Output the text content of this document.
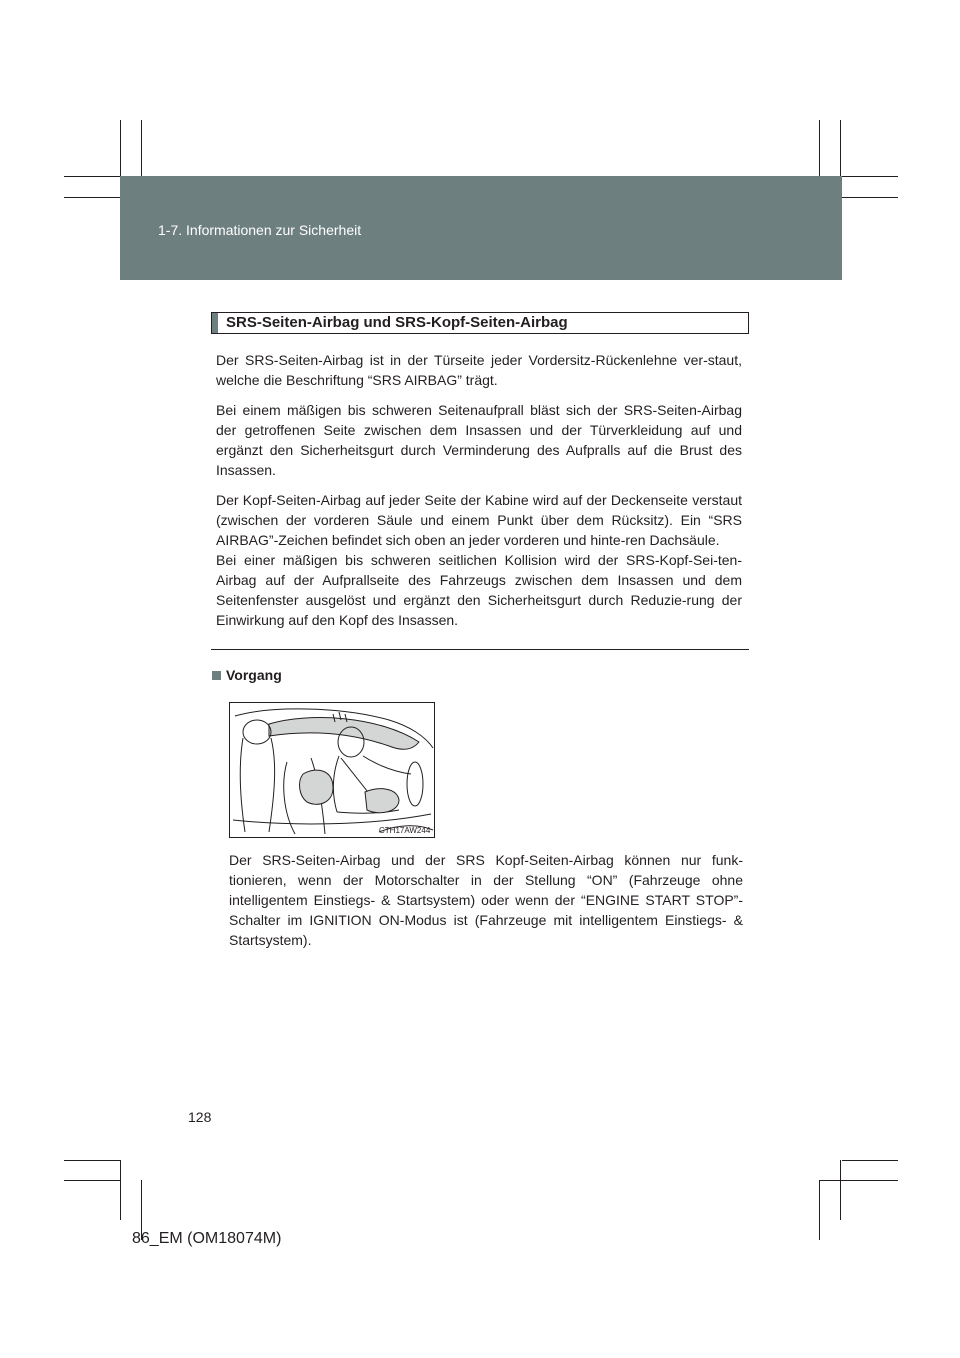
1-7. Informationen zur Sicherheit
SRS-Seiten-Airbag und SRS-Kopf-Seiten-Airbag

Der SRS-Seiten-Airbag ist in der Türseite jeder Vordersitz-Rückenlehne ver-staut, welche die Beschriftung “SRS AIRBAG” trägt.

Bei einem mäßigen bis schweren Seitenaufprall bläst sich der SRS-Seiten-Airbag der getroffenen Seite zwischen dem Insassen und der Türverkleidung auf und ergänzt den Sicherheitsgurt durch Verminderung des Aufpralls auf die Brust des Insassen.

Der Kopf-Seiten-Airbag auf jeder Seite der Kabine wird auf der Deckenseite verstaut (zwischen der vorderen Säule und einem Punkt über dem Rücksitz). Ein “SRS AIRBAG”-Zeichen befindet sich oben an jeder vorderen und hinte-ren Dachsäule.

Bei einer mäßigen bis schweren seitlichen Kollision wird der SRS-Kopf-Sei-ten-Airbag auf der Aufprallseite des Fahrzeugs zwischen dem Insassen und dem Seitenfenster ausgelöst und ergänzt den Sicherheitsgurt durch Reduzie-rung der Einwirkung auf den Kopf des Insassen.

Vorgang
CTH17AW244
Der SRS-Seiten-Airbag und der SRS Kopf-Seiten-Airbag können nur funk-tionieren, wenn der Motorschalter in der Stellung “ON” (Fahrzeuge ohne intelligentem Einstiegs- & Startsystem) oder wenn der “ENGINE START STOP”-Schalter im IGNITION ON-Modus ist (Fahrzeuge mit intelligentem Einstiegs- & Startsystem).
128
86_EM (OM18074M)
